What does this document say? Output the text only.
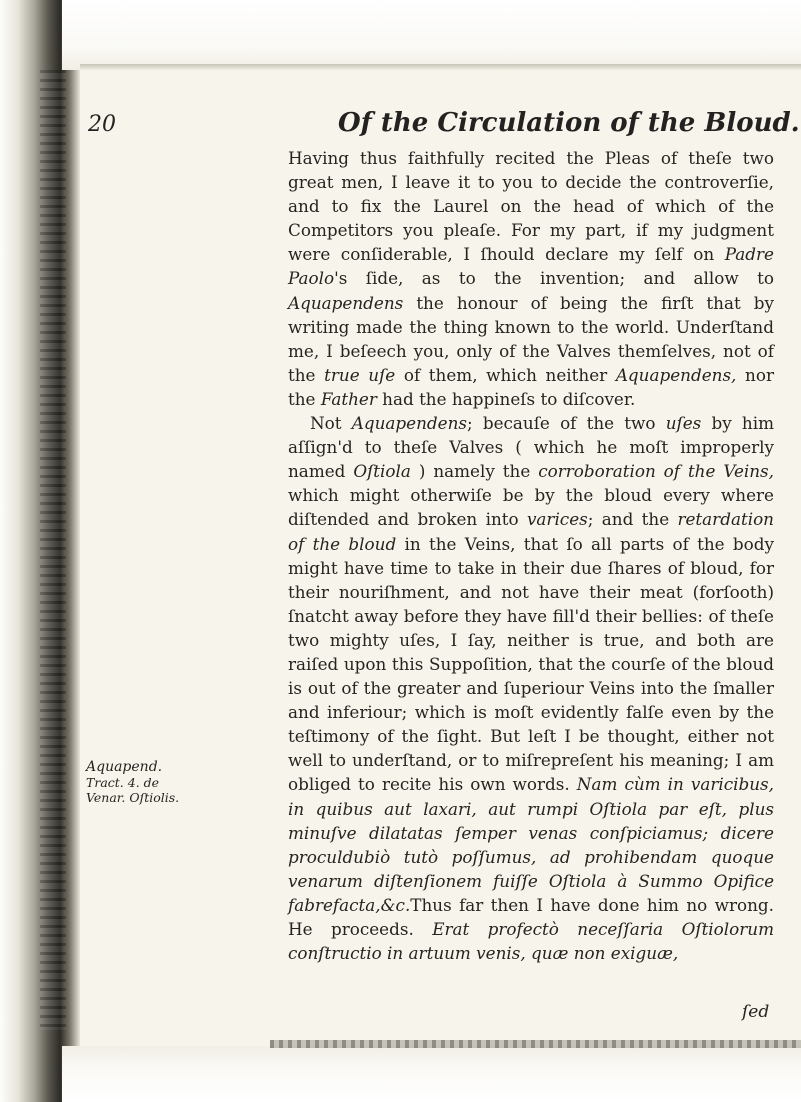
20	Of the Circulation of the Bloud.

Having thus faithfully recited the Pleas of theſe two great men, I leave it to you to decide the controverſie, and to fix the Laurel on the head of which of the Competitors you pleaſe. For my part, if my judgment were conſiderable, I ſhould declare my ſelf on Padre Paolo's ſide, as to the invention; and allow to Aquapendens the honour of being the firſt that by writing made the thing known to the world. Underſtand me, I beſeech you, only of the Valves themſelves, not of the true uſe of them, which neither Aquapendens, nor the Father had the happineſs to diſcover.

Not Aquapendens; becauſe of the two uſes by him aſſign'd to theſe Valves ( which he moſt improperly named Oſtiola ) namely the corroboration of the Veins, which might otherwiſe be by the bloud every where diſtended and broken into varices; and the retardation of the bloud in the Veins, that ſo all parts of the body might have time to take in their due ſhares of bloud, for their nouriſhment, and not have their meat (forſooth) ſnatcht away before they have fill'd their bellies: of theſe two mighty uſes, I ſay, neither is true, and both are raiſed upon this Suppoſition, that the courſe of the bloud is out of the greater and ſuperiour Veins into the ſmaller and inferiour; which is moſt evidently falſe even by the teſtimony of the ſight. But leſt I be thought, either not well to underſtand, or to miſrepreſent his meaning; I am obliged to recite his own words. Nam cùm in varicibus, in quibus aut laxari, aut rumpi Oſtiola par eſt, plus minuſve dilatatas ſemper venas conſpiciamus; dicere proculdubiò tutò poſſumus, ad prohibendam quoque venarum diſtenſionem fuiſſe Oſtiola à Summo Opifice fabrefacta,&c.Thus far then I have done him no wrong. He proceeds. Erat profectò neceſſaria Oſtiolorum conſtructio in artuum venis, quæ non exiguæ,

Aquapend.
Tract. 4. de Venar. Oſtiolis.
ſed
